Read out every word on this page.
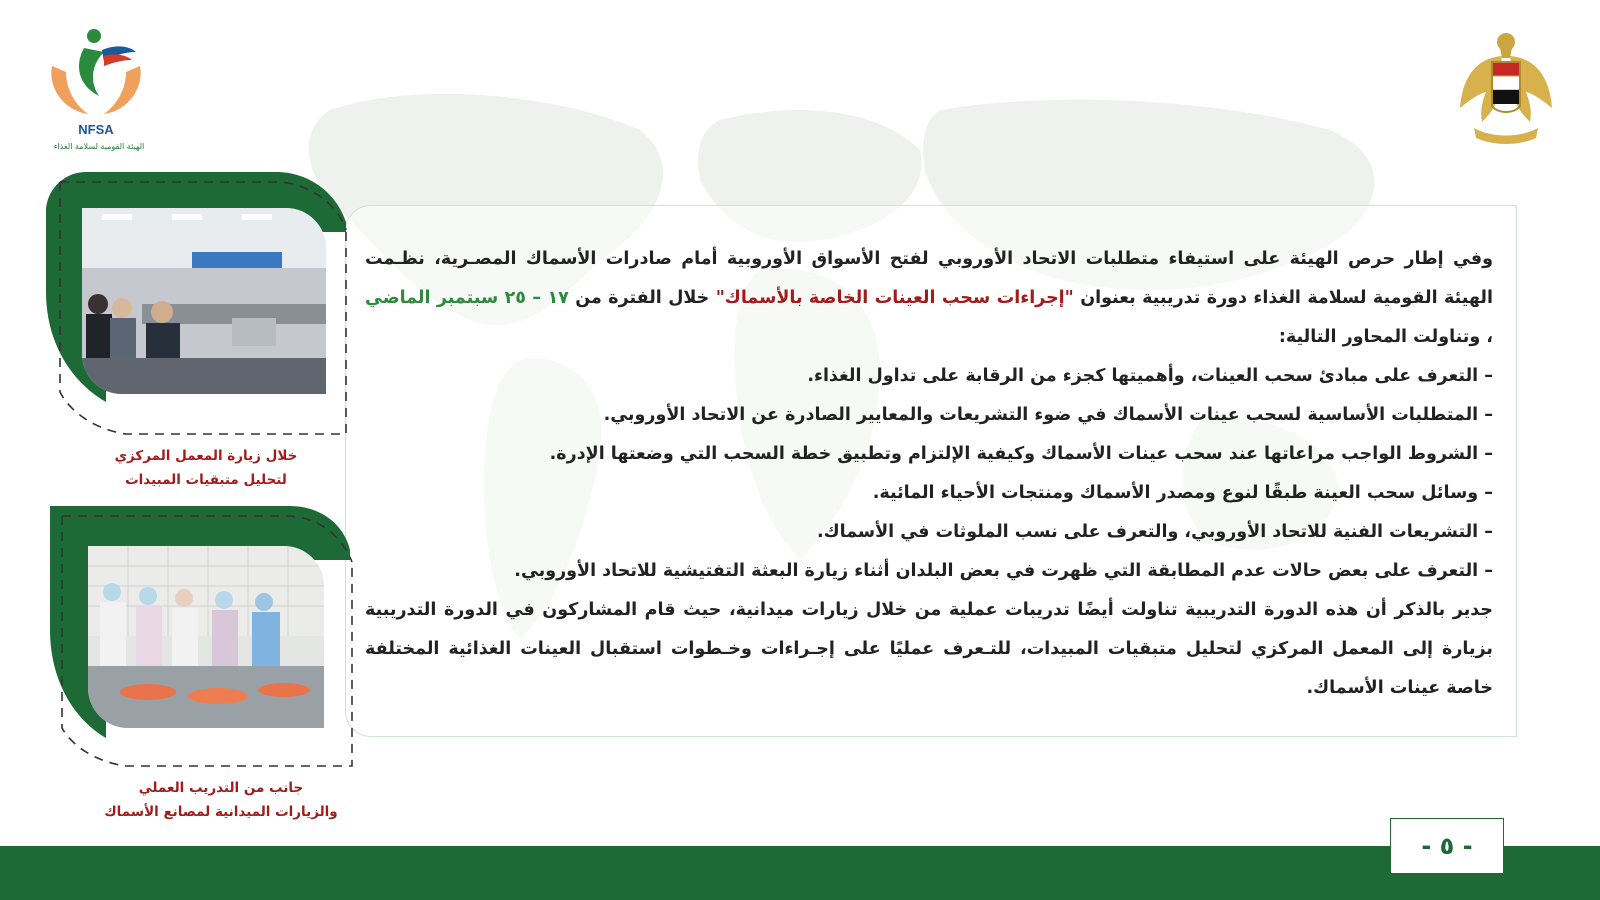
NFSA
الهيئة القومية لسلامة الغذاء
وفي إطار حرص الهيئة على استيفاء متطلبات الاتحاد الأوروبي لفتح الأسواق الأوروبية أمام صادرات الأسماك المصـرية، نظـمت الهيئة القومية لسلامة الغذاء دورة تدريبية بعنوان "إجراءات سحب العينات الخاصة بالأسماك" خلال الفترة من ١٧ – ٢٥ سبتمبر الماضي ، وتناولت المحاور التالية:
– التعرف على مبادئ سحب العينات، وأهميتها كجزء من الرقابة على تداول الغذاء.
– المتطلبات الأساسية لسحب عينات الأسماك في ضوء التشريعات والمعايير الصادرة عن الاتحاد الأوروبي.
– الشروط الواجب مراعاتها عند سحب عينات الأسماك وكيفية الإلتزام وتطبيق خطة السحب التي وضعتها الإدرة.
– وسائل سحب العينة طبقًا لنوع ومصدر الأسماك ومنتجات الأحياء المائية.
– التشريعات الفنية للاتحاد الأوروبي، والتعرف على نسب الملوثات في الأسماك.
– التعرف على بعض حالات عدم المطابقة التي ظهرت في بعض البلدان أثناء زيارة البعثة التفتيشية للاتحاد الأوروبي.
جدير بالذكر أن هذه الدورة التدريبية تناولت أيضًا تدريبات عملية من خلال زيارات ميدانية، حيث قام المشاركون في الدورة التدريبية بزيارة إلى المعمل المركزي لتحليل متبقيات المبيدات، للتـعرف عمليًا على إجـراءات وخـطوات استقبال العينات الغذائية المختلفة خاصة عينات الأسماك.
خلال زيارة المعمل المركزي
لتحليل متبقيات المبيدات
جانب من التدريب العملي
والزيارات الميدانية لمصانع الأسماك
- ٥ -
